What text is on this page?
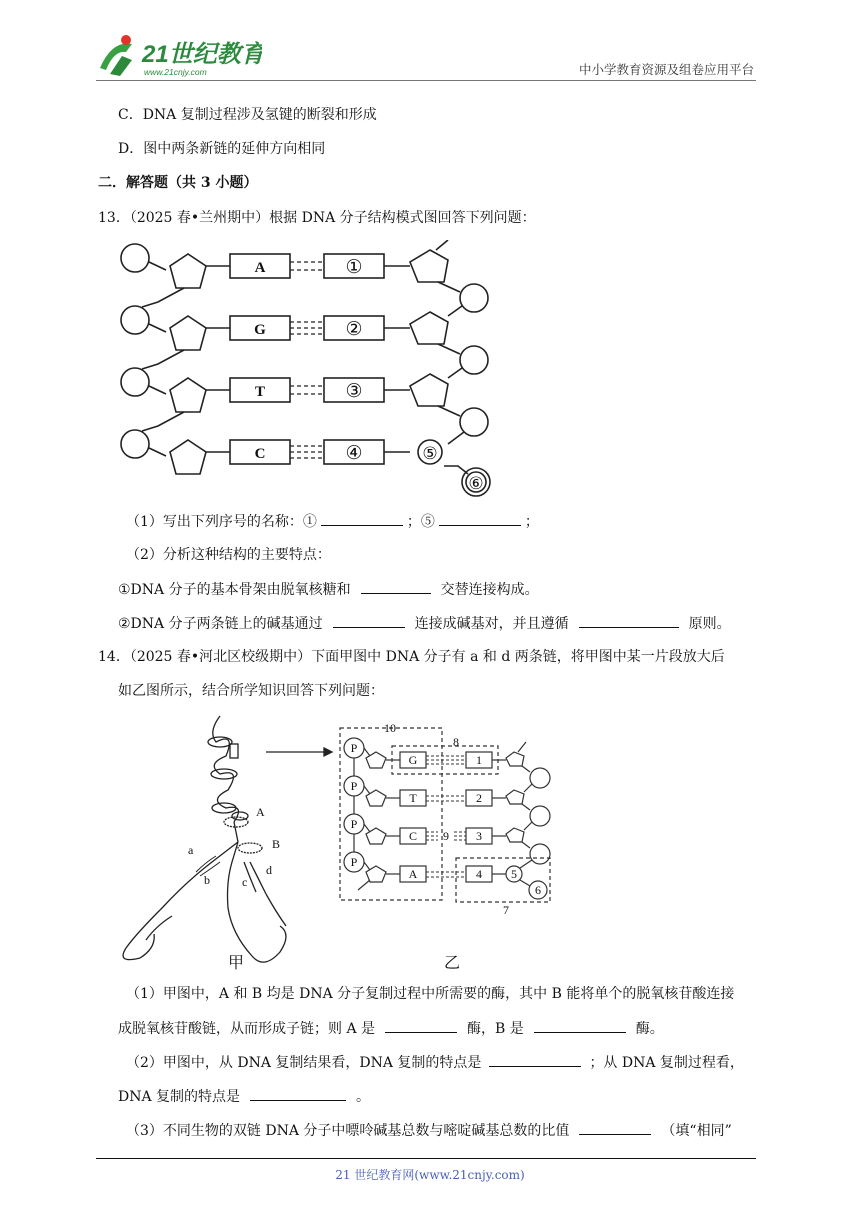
21世纪教育
www.21cnjy.com	中小学教育资源及组卷应用平台
C．DNA 复制过程涉及氢键的断裂和形成
D．图中两条新链的延伸方向相同
二．解答题（共 3 小题）
13．（2025 春•兰州期中）根据 DNA 分子结构模式图回答下列问题：
A
G
T
C
①
②
③
④	⑤
⑥
（1）写出下列序号的名称：①	；⑤	；
（2）分析这种结构的主要特点：
①DNA 分子的基本骨架由脱氧核糖和	交替连接构成。
②DNA 分子两条链上的碱基通过	连接成碱基对，并且遵循	原则。
14．（2025 春•河北区校级期中）下面甲图中 DNA 分子有 a 和 d 两条链，将甲图中某一片段放大后
如乙图所示，结合所学知识回答下列问题：
A
B
a
b	c
d
甲	乙
P
P
P
P
G
T
C
A
1
2
3
4 5
6
7
8
9
10
（1）甲图中，A 和 B 均是 DNA 分子复制过程中所需要的酶，其中 B 能将单个的脱氧核苷酸连接
成脱氧核苷酸链，从而形成子链；则 A 是	酶，B 是	酶。
（2）甲图中，从 DNA 复制结果看，DNA 复制的特点是	；从 DNA 复制过程看，
DNA 复制的特点是	。
（3）不同生物的双链 DNA 分子中嘌呤碱基总数与嘧啶碱基总数的比值	（填“相同”
21 世纪教育网(www.21cnjy.com)
